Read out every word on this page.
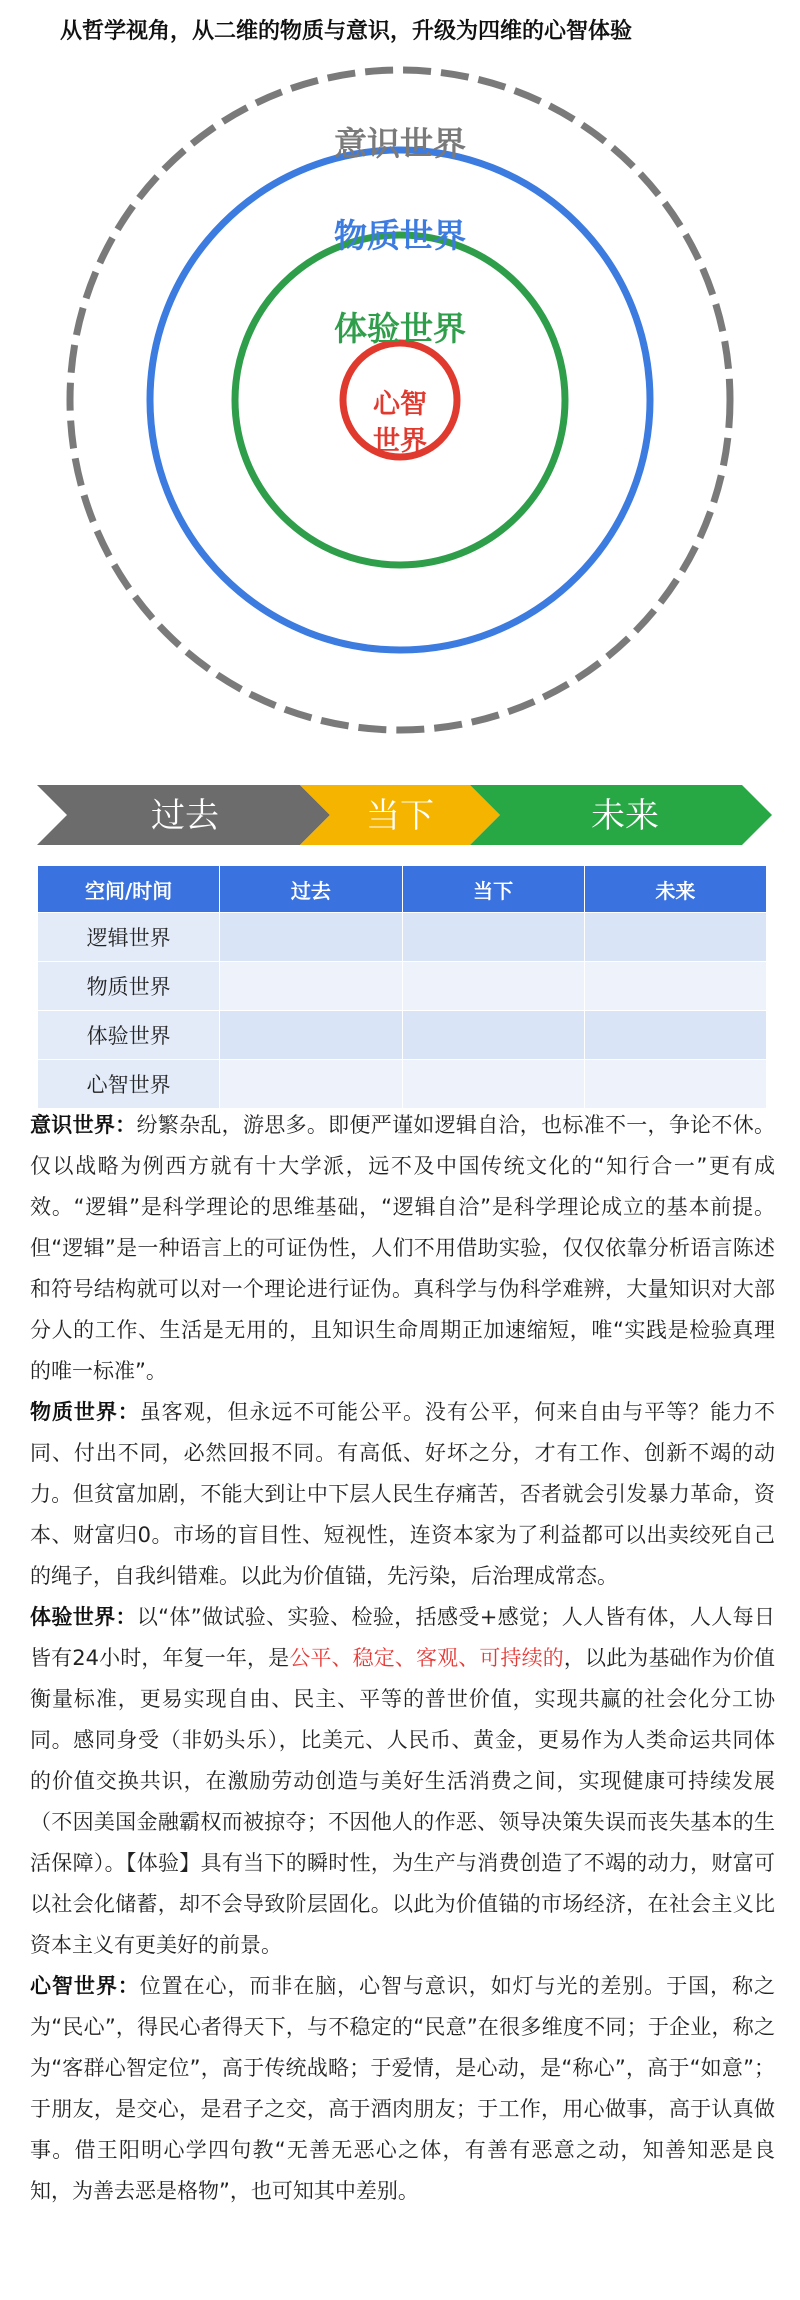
从哲学视角，从二维的物质与意识，升级为四维的心智体验
意识世界
物质世界
体验世界
心智
世界
过去	当下	未来
空间/时间	过去	当下	未来
逻辑世界			
物质世界			
体验世界			
心智世界			

意识世界：纷繁杂乱，游思多。即便严谨如逻辑自洽，也标准不一，争论不休。仅以战略为例西方就有十大学派，远不及中国传统文化的“知行合一”更有成效。“逻辑”是科学理论的思维基础，“逻辑自洽”是科学理论成立的基本前提。但“逻辑”是一种语言上的可证伪性，人们不用借助实验，仅仅依靠分析语言陈述和符号结构就可以对一个理论进行证伪。真科学与伪科学难辨，大量知识对大部分人的工作、生活是无用的，且知识生命周期正加速缩短，唯“实践是检验真理的唯一标准”。

物质世界：虽客观，但永远不可能公平。没有公平，何来自由与平等？能力不同、付出不同，必然回报不同。有高低、好坏之分，才有工作、创新不竭的动力。但贫富加剧，不能大到让中下层人民生存痛苦，否者就会引发暴力革命，资本、财富归0。市场的盲目性、短视性，连资本家为了利益都可以出卖绞死自己的绳子，自我纠错难。以此为价值锚，先污染，后治理成常态。

体验世界：以“体”做试验、实验、检验，括感受+感觉；人人皆有体，人人每日皆有24小时，年复一年，是公平、稳定、客观、可持续的，以此为基础作为价值衡量标准，更易实现自由、民主、平等的普世价值，实现共赢的社会化分工协同。感同身受（非奶头乐），比美元、人民币、黄金，更易作为人类命运共同体的价值交换共识，在激励劳动创造与美好生活消费之间，实现健康可持续发展（不因美国金融霸权而被掠夺；不因他人的作恶、领导决策失误而丧失基本的生活保障）。【体验】具有当下的瞬时性，为生产与消费创造了不竭的动力，财富可以社会化储蓄，却不会导致阶层固化。以此为价值锚的市场经济，在社会主义比资本主义有更美好的前景。

心智世界：位置在心，而非在脑，心智与意识，如灯与光的差别。于国，称之为“民心”，得民心者得天下，与不稳定的“民意”在很多维度不同；于企业，称之为“客群心智定位”，高于传统战略；于爱情，是心动，是“称心”，高于“如意”；于朋友，是交心，是君子之交，高于酒肉朋友；于工作，用心做事，高于认真做事。借王阳明心学四句教“无善无恶心之体，有善有恶意之动，知善知恶是良知，为善去恶是格物”，也可知其中差别。
